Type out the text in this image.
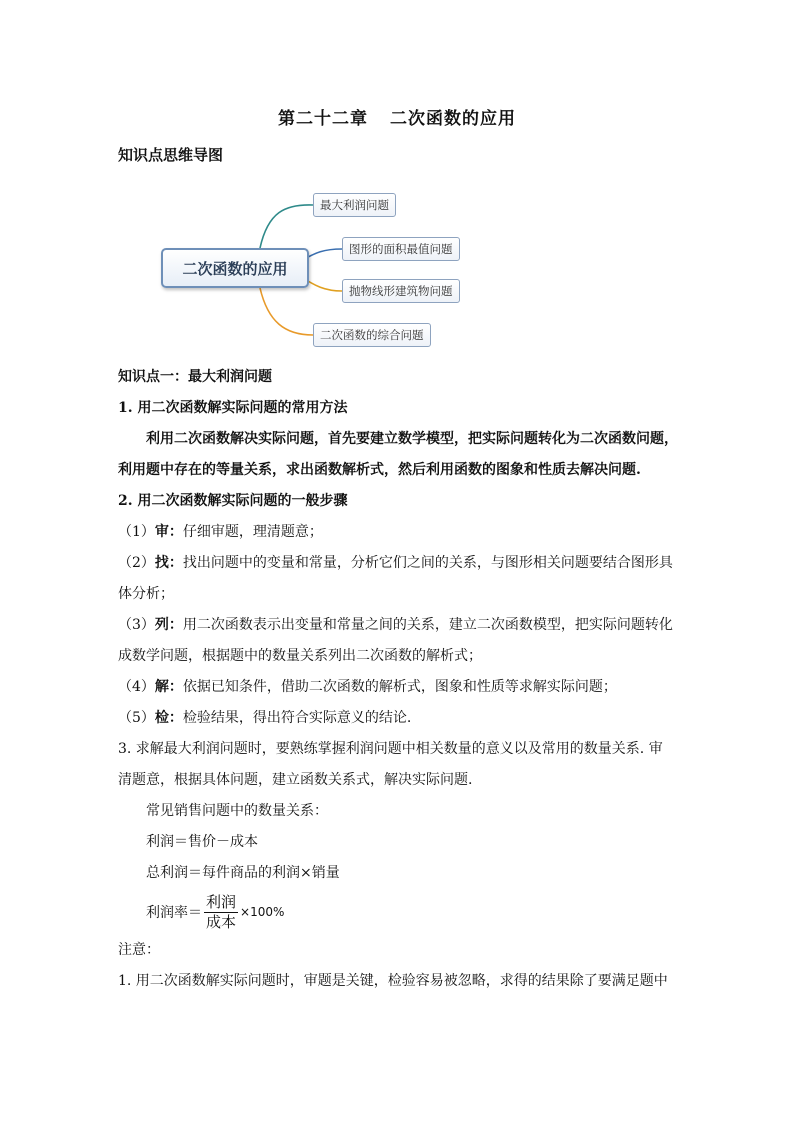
第二十二章 二次函数的应用
知识点思维导图
二次函数的应用
最大利润问题
图形的面积最值问题
抛物线形建筑物问题
二次函数的综合问题
知识点一：最大利润问题
1. 用二次函数解实际问题的常用方法
利用二次函数解决实际问题，首先要建立数学模型，把实际问题转化为二次函数问题，
利用题中存在的等量关系，求出函数解析式，然后利用函数的图象和性质去解决问题.
2. 用二次函数解实际问题的一般步骤
（1）审：仔细审题，理清题意；
（2）找：找出问题中的变量和常量，分析它们之间的关系，与图形相关问题要结合图形具
体分析；
（3）列：用二次函数表示出变量和常量之间的关系，建立二次函数模型，把实际问题转化
成数学问题，根据题中的数量关系列出二次函数的解析式；
（4）解：依据已知条件，借助二次函数的解析式，图象和性质等求解实际问题；
（5）检：检验结果，得出符合实际意义的结论.
3. 求解最大利润问题时，要熟练掌握利润问题中相关数量的意义以及常用的数量关系. 审
清题意，根据具体问题，建立函数关系式，解决实际问题.
常见销售问题中的数量关系：
利润＝售价－成本
总利润＝每件商品的利润×销量
利润率＝ $\frac{\text{利润}}{\text{成本}} \times 100\%$
注意：
1. 用二次函数解实际问题时，审题是关键，检验容易被忽略，求得的结果除了要满足题中
